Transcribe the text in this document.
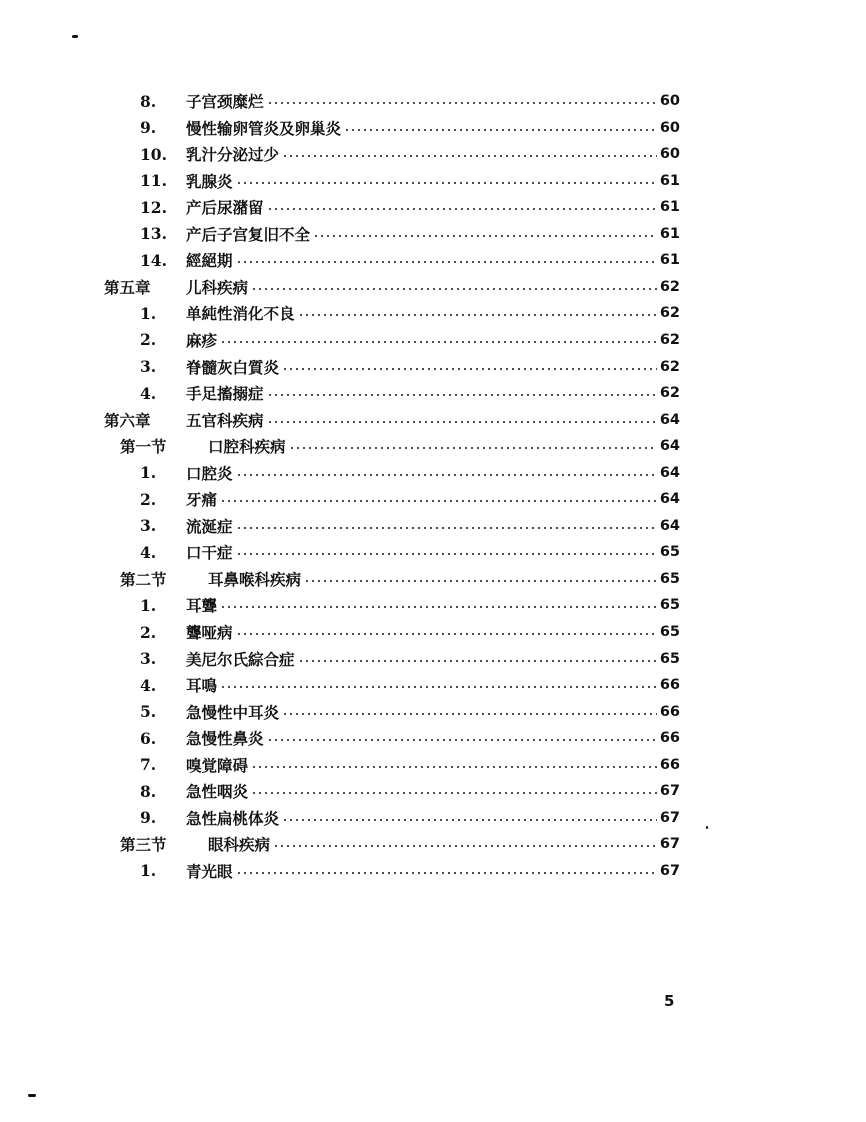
8.	子宫颈糜烂	60
9.	慢性输卵管炎及卵巢炎	60
10.	乳汁分泌过少	60
11.	乳腺炎	61
12.	产后尿潴留	61
13.	产后子宫复旧不全	61
14.	經絕期	61
第五章	儿科疾病	62
1.	单純性消化不良	62
2.	麻疹	62
3.	脊髓灰白質炎	62
4.	手足搐搦症	62
第六章	五官科疾病	64
第一节	口腔科疾病	64
1.	口腔炎	64
2.	牙痛	64
3.	流涎症	64
4.	口干症	65
第二节	耳鼻喉科疾病	65
1.	耳聾	65
2.	聾哑病	65
3.	美尼尔氏綜合症	65
4.	耳鳴	66
5.	急慢性中耳炎	66
6.	急慢性鼻炎	66
7.	嗅覚障碍	66
8.	急性咽炎	67
9.	急性扁桃体炎	67
第三节	眼科疾病	67
1.	青光眼	67
5
